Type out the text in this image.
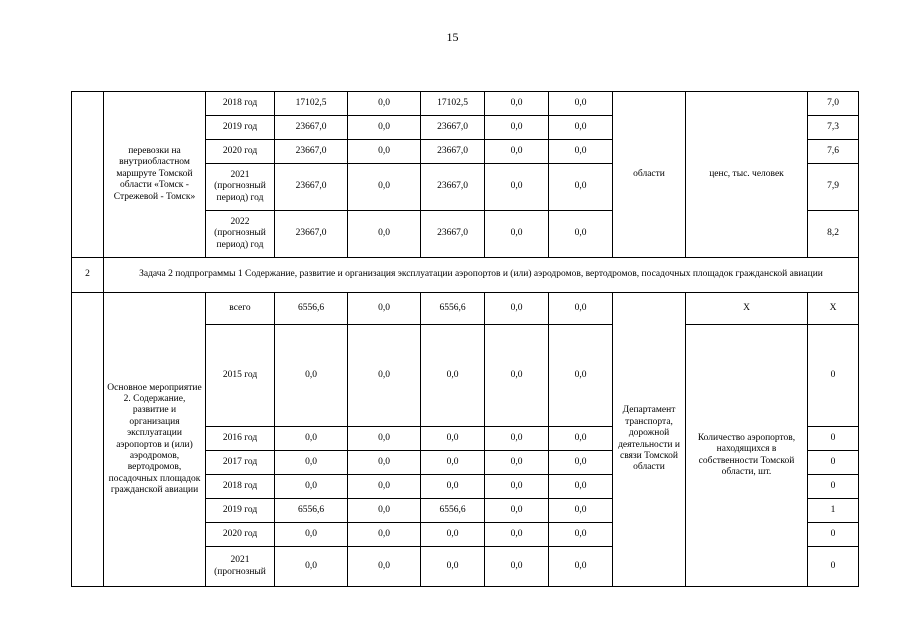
15
	перевозки на внутриобластном маршруте Томской области «Томск - Стрежевой - Томск»	2018 год	17102,5	0,0	17102,5	0,0	0,0	области	ценс, тыс. человек	7,0
		2019 год	23667,0	0,0	23667,0	0,0	0,0			7,3
		2020 год	23667,0	0,0	23667,0	0,0	0,0			7,6
		2021 (прогнозный период) год	23667,0	0,0	23667,0	0,0	0,0			7,9
		2022 (прогнозный период) год	23667,0	0,0	23667,0	0,0	0,0			8,2
2	Задача 2 подпрограммы 1 Содержание, развитие и организация эксплуатации аэропортов и (или) аэродромов, вертодромов, посадочных площадок гражданской авиации									
	Основное мероприятие 2. Содержание, развитие и организация эксплуатации аэропортов и (или) аэродромов, вертодромов, посадочных площадок гражданской авиации	всего	6556,6	0,0	6556,6	0,0	0,0	Департамент транспорта, дорожной деятельности и связи Томской области	Х	Х
		2015 год	0,0	0,0	0,0	0,0	0,0		Количество аэропортов, находящихся в собственности Томской области, шт.	0
		2016 год	0,0	0,0	0,0	0,0	0,0			0
		2017 год	0,0	0,0	0,0	0,0	0,0			0
		2018 год	0,0	0,0	0,0	0,0	0,0			0
		2019 год	6556,6	0,0	6556,6	0,0	0,0			1
		2020 год	0,0	0,0	0,0	0,0	0,0			0
		2021 (прогнозный	0,0	0,0	0,0	0,0	0,0			0
